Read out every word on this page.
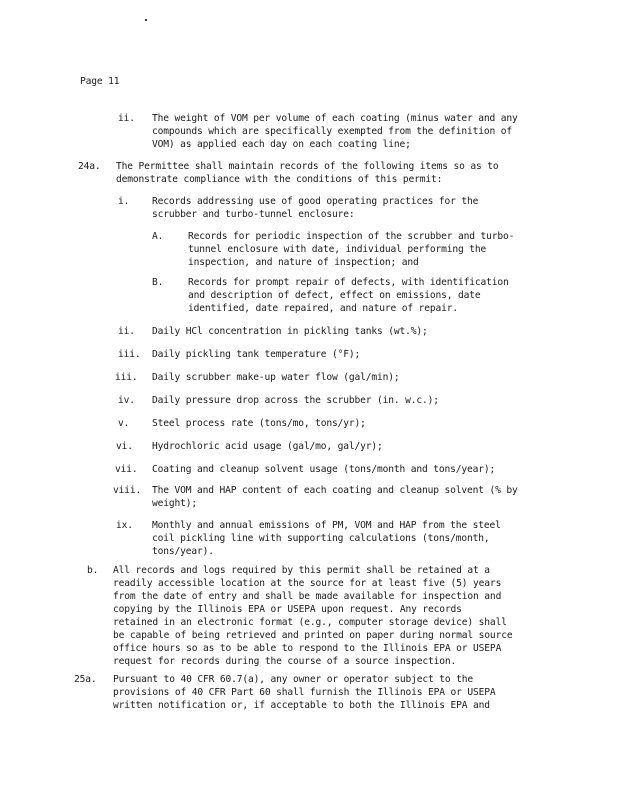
Page 11
ii. The weight of VOM per volume of each coating (minus water and any
compounds which are specifically exempted from the definition of
VOM) as applied each day on each coating line;
24a. The Permittee shall maintain records of the following items so as to
demonstrate compliance with the conditions of this permit:
i. Records addressing use of good operating practices for the
scrubber and turbo-tunnel enclosure:
A.	Records for periodic inspection of the scrubber and turbo-
tunnel enclosure with date, individual performing the
inspection, and nature of inspection; and
B.	Records for prompt repair of defects, with identification
and description of defect, effect on emissions, date
identified, date repaired, and nature of repair.
ii. Daily HCl concentration in pickling tanks (wt.%);
iii. Daily pickling tank temperature (°F);
iii. Daily scrubber make-up water flow (gal/min);
iv. Daily pressure drop across the scrubber (in. w.c.);
v. Steel process rate (tons/mo, tons/yr);
vi. Hydrochloric acid usage (gal/mo, gal/yr);
vii. Coating and cleanup solvent usage (tons/month and tons/year);
viii. The VOM and HAP content of each coating and cleanup solvent (% by
weight);
ix. Monthly and annual emissions of PM, VOM and HAP from the steel
coil pickling line with supporting calculations (tons/month,
tons/year).
b. All records and logs required by this permit shall be retained at a
readily accessible location at the source for at least five (5) years
from the date of entry and shall be made available for inspection and
copying by the Illinois EPA or USEPA upon request. Any records
retained in an electronic format (e.g., computer storage device) shall
be capable of being retrieved and printed on paper during normal source
office hours so as to be able to respond to the Illinois EPA or USEPA
request for records during the course of a source inspection.
25a. Pursuant to 40 CFR 60.7(a), any owner or operator subject to the
provisions of 40 CFR Part 60 shall furnish the Illinois EPA or USEPA
written notification or, if acceptable to both the Illinois EPA and
